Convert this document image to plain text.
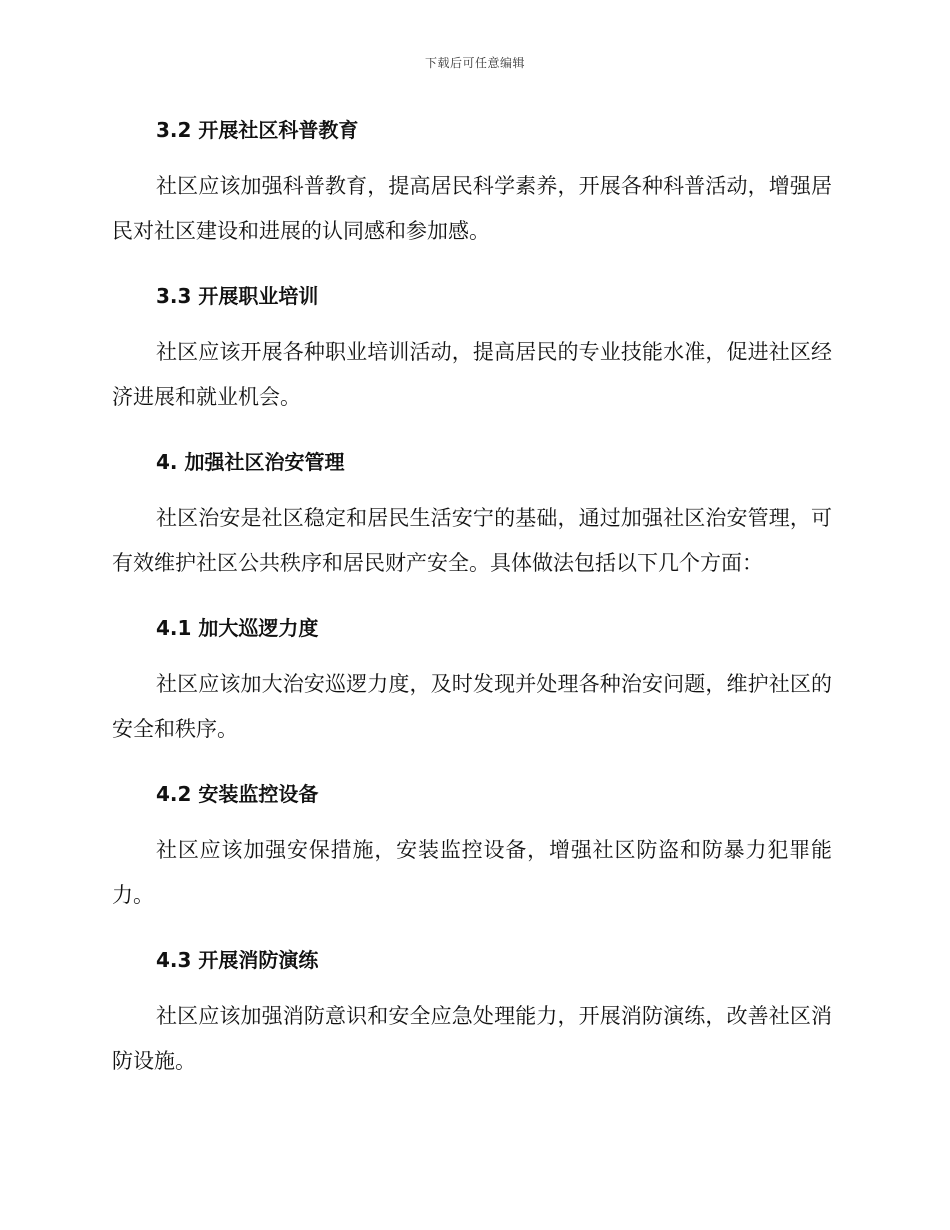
下载后可任意编辑
3.2 开展社区科普教育

社区应该加强科普教育，提高居民科学素养，开展各种科普活动，增强居民对社区建设和进展的认同感和参加感。

3.3 开展职业培训

社区应该开展各种职业培训活动，提高居民的专业技能水准，促进社区经济进展和就业机会。

4. 加强社区治安管理

社区治安是社区稳定和居民生活安宁的基础，通过加强社区治安管理，可有效维护社区公共秩序和居民财产安全。具体做法包括以下几个方面：

4.1 加大巡逻力度

社区应该加大治安巡逻力度，及时发现并处理各种治安问题，维护社区的安全和秩序。

4.2 安装监控设备

社区应该加强安保措施，安装监控设备，增强社区防盗和防暴力犯罪能力。

4.3 开展消防演练

社区应该加强消防意识和安全应急处理能力，开展消防演练，改善社区消防设施。
